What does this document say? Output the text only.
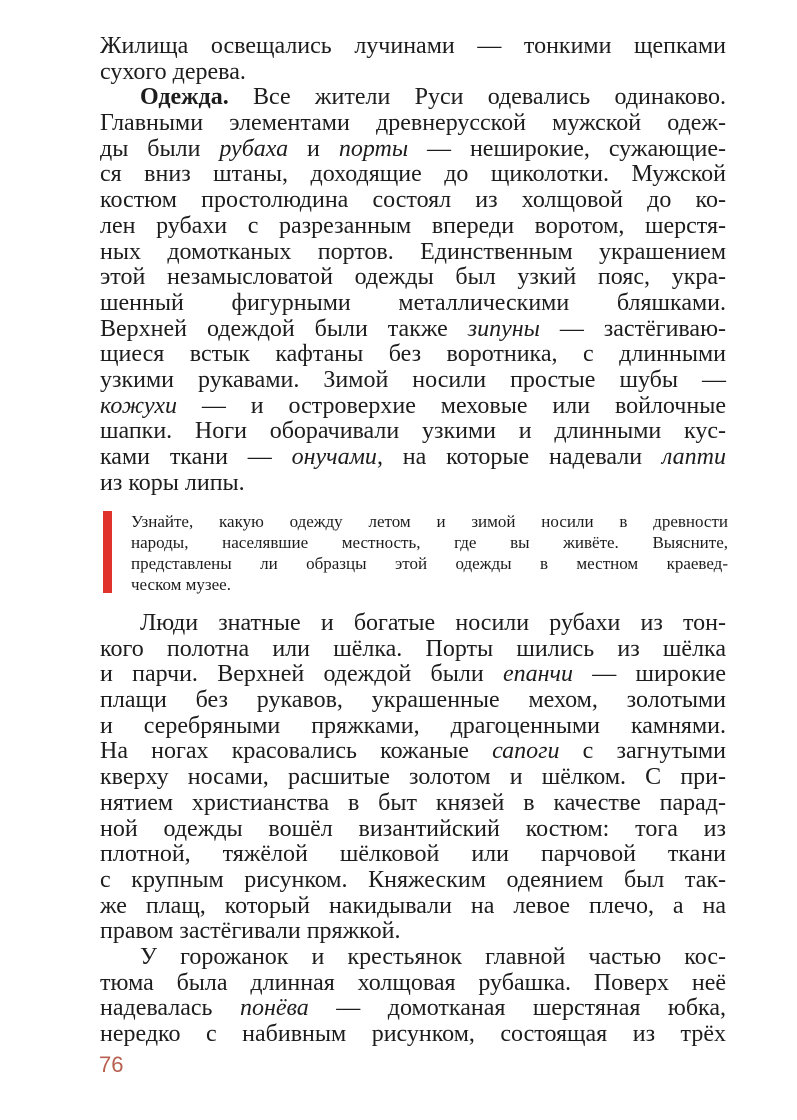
Жилища освещались лучинами — тонкими щепками
сухого дерева.
Одежда. Все жители Руси одевались одинаково.
Главными элементами древнерусской мужской одеж-
ды были рубаха и порты — неширокие, сужающие-
ся вниз штаны, доходящие до щиколотки. Мужской
костюм простолюдина состоял из холщовой до ко-
лен рубахи с разрезанным впереди воротом, шерстя-
ных домотканых портов. Единственным украшением
этой незамысловатой одежды был узкий пояс, укра-
шенный фигурными металлическими бляшками.
Верхней одеждой были также зипуны — застёгиваю-
щиеся встык кафтаны без воротника, с длинными
узкими рукавами. Зимой носили простые шубы —
кожухи — и островерхие меховые или войлочные
шапки. Ноги оборачивали узкими и длинными кус-
ками ткани — онучами, на которые надевали лапти
из коры липы.
Узнайте, какую одежду летом и зимой носили в древности
народы, населявшие местность, где вы живёте. Выясните,
представлены ли образцы этой одежды в местном краевед-
ческом музее.
Люди знатные и богатые носили рубахи из тон-
кого полотна или шёлка. Порты шились из шёлка
и парчи. Верхней одеждой были епанчи — широкие
плащи без рукавов, украшенные мехом, золотыми
и серебряными пряжками, драгоценными камнями.
На ногах красовались кожаные сапоги с загнутыми
кверху носами, расшитые золотом и шёлком. С при-
нятием христианства в быт князей в качестве парад-
ной одежды вошёл византийский костюм: тога из
плотной, тяжёлой шёлковой или парчовой ткани
с крупным рисунком. Княжеским одеянием был так-
же плащ, который накидывали на левое плечо, а на
правом застёгивали пряжкой.
У горожанок и крестьянок главной частью кос-
тюма была длинная холщовая рубашка. Поверх неё
надевалась понёва — домотканая шерстяная юбка,
нередко с набивным рисунком, состоящая из трёх
76
